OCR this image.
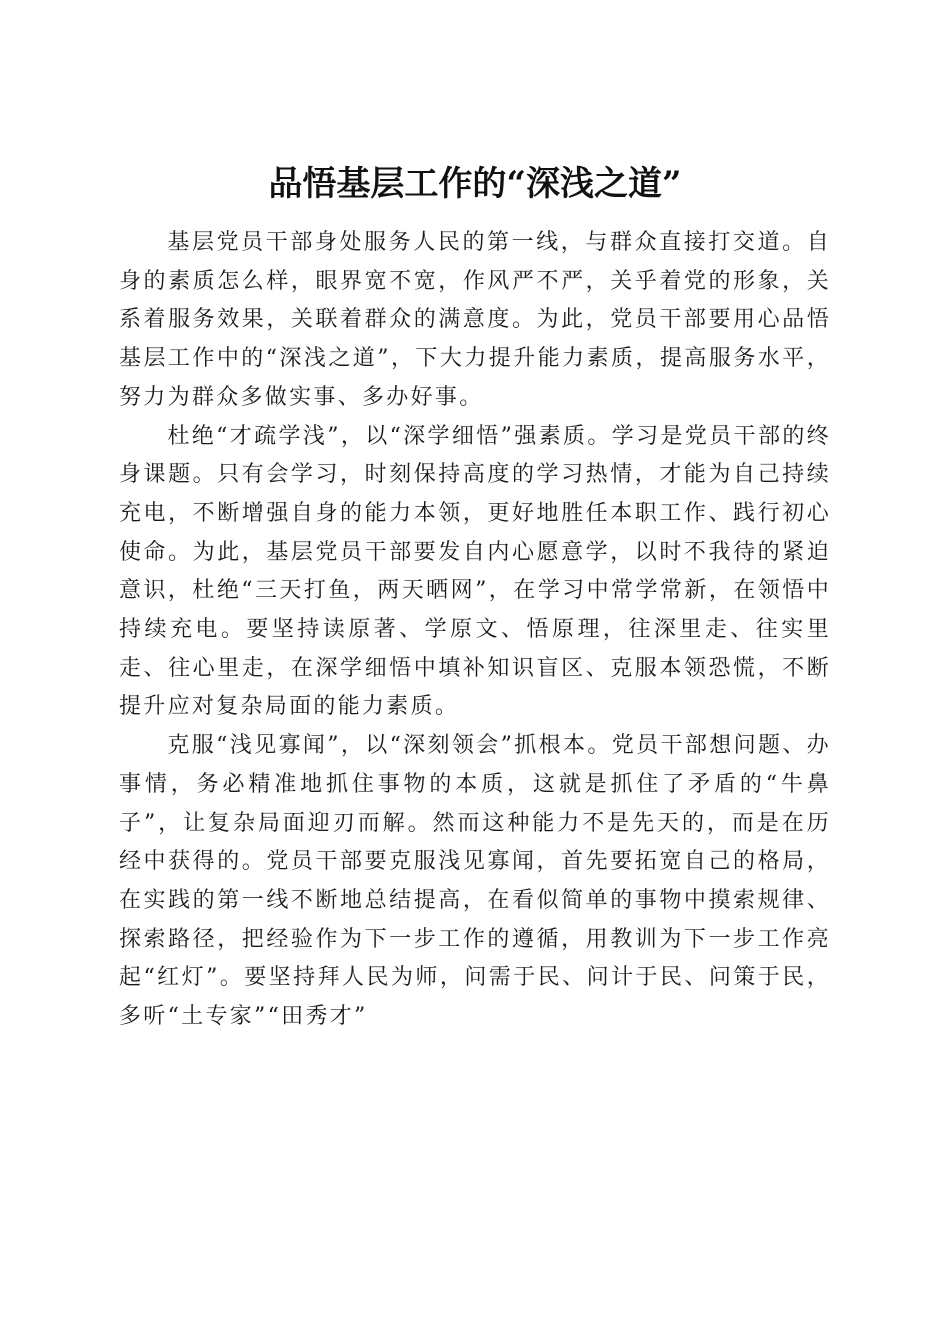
品悟基层工作的“深浅之道”

基层党员干部身处服务人民的第一线，与群众直接打交道。自身的素质怎么样，眼界宽不宽，作风严不严，关乎着党的形象，关系着服务效果，关联着群众的满意度。为此，党员干部要用心品悟基层工作中的“深浅之道”，下大力提升能力素质，提高服务水平，努力为群众多做实事、多办好事。

杜绝“才疏学浅”，以“深学细悟”强素质。学习是党员干部的终身课题。只有会学习，时刻保持高度的学习热情，才能为自己持续充电，不断增强自身的能力本领，更好地胜任本职工作、践行初心使命。为此，基层党员干部要发自内心愿意学，以时不我待的紧迫意识，杜绝“三天打鱼，两天晒网”，在学习中常学常新，在领悟中持续充电。要坚持读原著、学原文、悟原理，往深里走、往实里走、往心里走，在深学细悟中填补知识盲区、克服本领恐慌，不断提升应对复杂局面的能力素质。

克服“浅见寡闻”，以“深刻领会”抓根本。党员干部想问题、办事情，务必精准地抓住事物的本质，这就是抓住了矛盾的“牛鼻子”，让复杂局面迎刃而解。然而这种能力不是先天的，而是在历经中获得的。党员干部要克服浅见寡闻，首先要拓宽自己的格局，在实践的第一线不断地总结提高，在看似简单的事物中摸索规律、探索路径，把经验作为下一步工作的遵循，用教训为下一步工作亮起“红灯”。要坚持拜人民为师，问需于民、问计于民、问策于民，多听“土专家”“田秀才”
